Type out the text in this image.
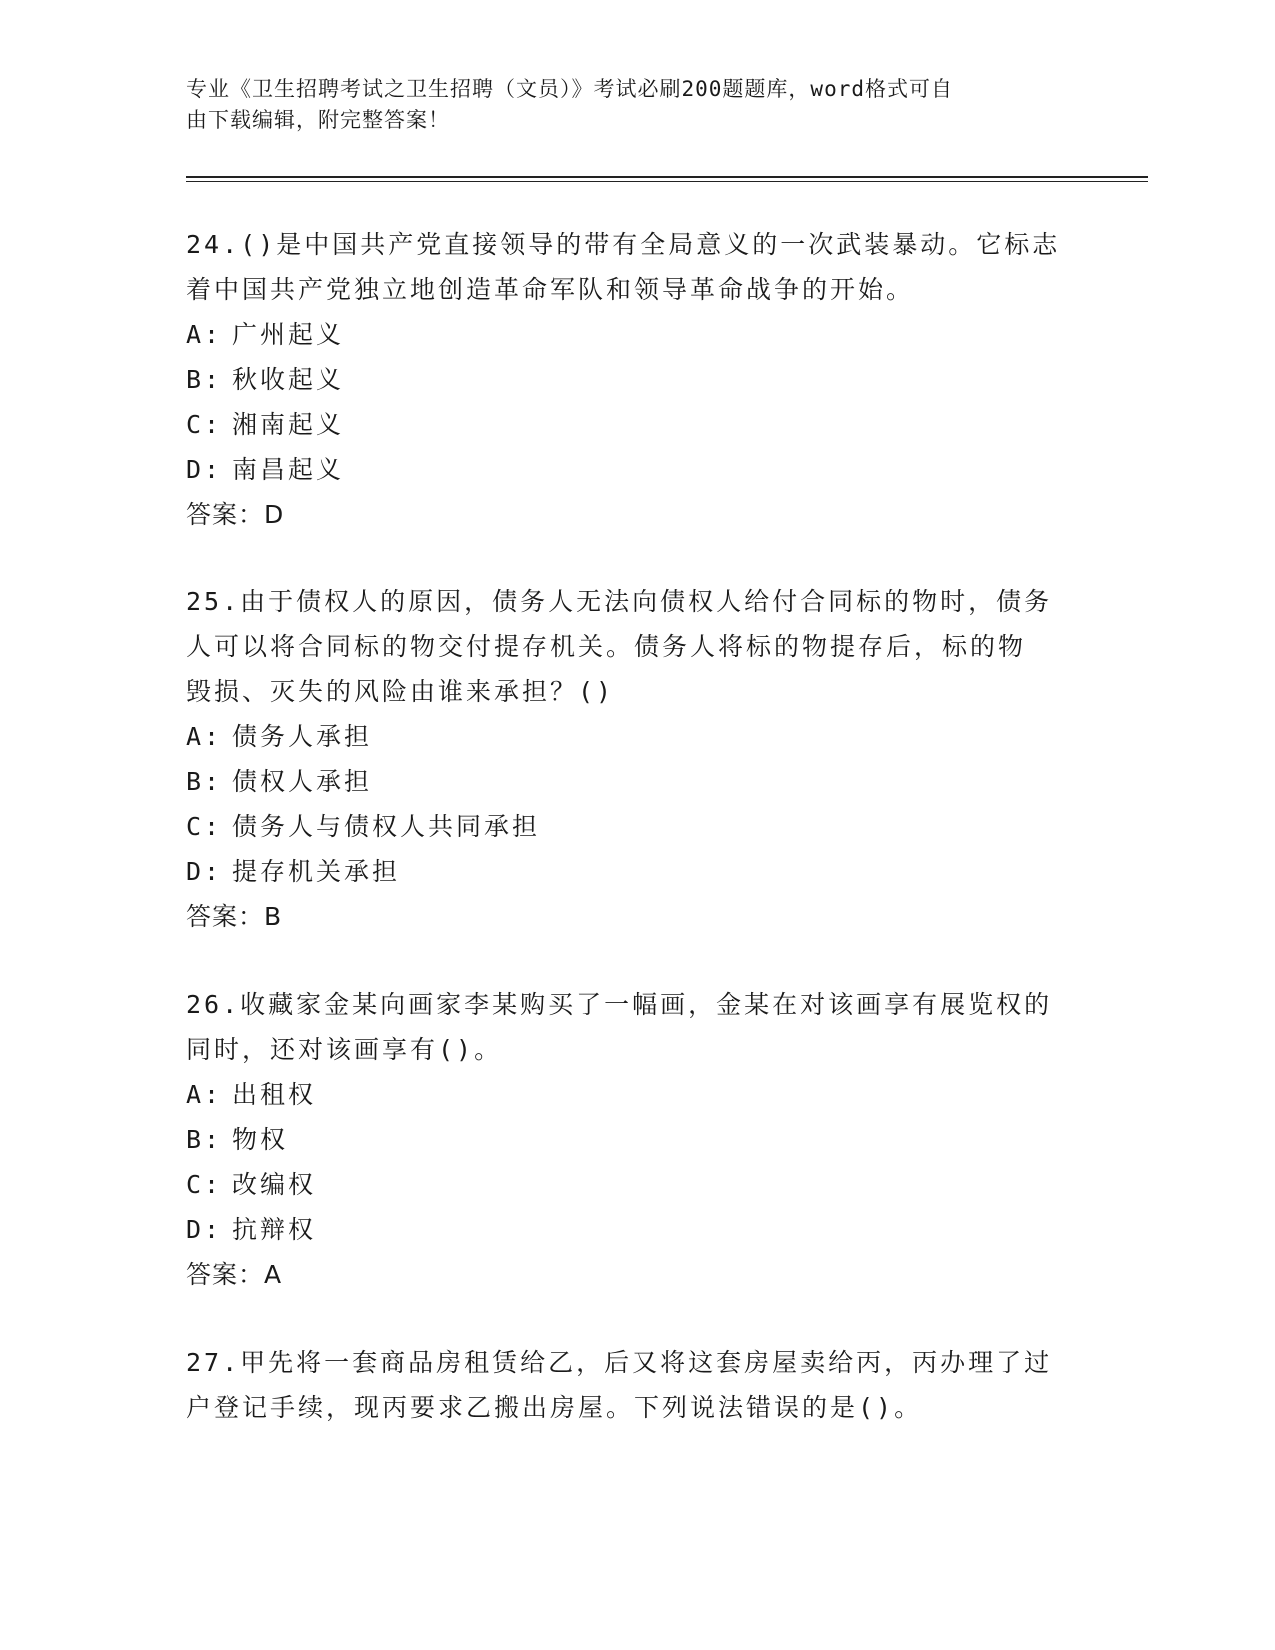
专业《卫生招聘考试之卫生招聘（文员）》考试必刷200题题库，word格式可自
由下载编辑，附完整答案！

24.()是中国共产党直接领导的带有全局意义的一次武装暴动。它标志

着中国共产党独立地创造革命军队和领导革命战争的开始。

A: 广州起义

B: 秋收起义

C: 湘南起义

D: 南昌起义

答案：D

25.由于债权人的原因，债务人无法向债权人给付合同标的物时，债务

人可以将合同标的物交付提存机关。债务人将标的物提存后，标的物

毁损、灭失的风险由谁来承担？()

A: 债务人承担

B: 债权人承担

C: 债务人与债权人共同承担

D: 提存机关承担

答案：B

26.收藏家金某向画家李某购买了一幅画，金某在对该画享有展览权的

同时，还对该画享有()。

A: 出租权

B: 物权

C: 改编权

D: 抗辩权

答案：A

27.甲先将一套商品房租赁给乙，后又将这套房屋卖给丙，丙办理了过

户登记手续，现丙要求乙搬出房屋。下列说法错误的是()。
